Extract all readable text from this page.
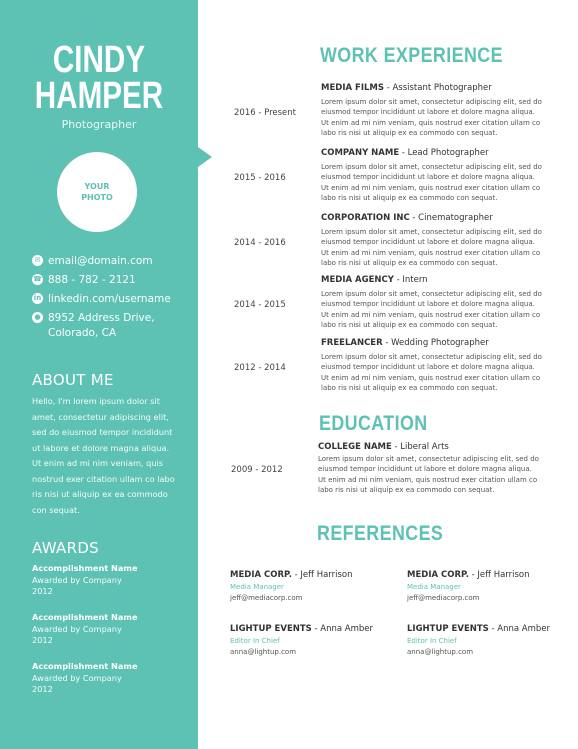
CINDY
HAMPER
Photographer
YOUR PHOTO
✉ email@domain.com
☎ 888 - 782 - 2121
in linkedin.com/username
● 8952 Address Drive,
Colorado, CA
ABOUT ME
Hello, I'm lorem ipsum dolor sit amet, consectetur adipiscing elit, sed do eiusmod tempor incididunt ut labore et dolore magna aliqua. Ut enim ad mi nim veniam, quis nostrud exer citation ullam co labo ris nisi ut aliquip ex ea commodo con sequat.
AWARDS
Accomplishment Name
Awarded by Company
2012
Accomplishment Name
Awarded by Company
2012
Accomplishment Name
Awarded by Company
2012
WORK EXPERIENCE
2016 - Present
MEDIA FILMS - Assistant Photographer
Lorem ipsum dolor sit amet, consectetur adipiscing elit, sed do eiusmod tempor incididunt ut labore et dolore magna aliqua. Ut enim ad mi nim veniam, quis nostrud exer citation ullam co labo ris nisi ut aliquip ex ea commodo con sequat.
2015 - 2016
COMPANY NAME - Lead Photographer
Lorem ipsum dolor sit amet, consectetur adipiscing elit, sed do eiusmod tempor incididunt ut labore et dolore magna aliqua. Ut enim ad mi nim veniam, quis nostrud exer citation ullam co labo ris nisi ut aliquip ex ea commodo con sequat.
2014 - 2016
CORPORATION INC - Cinematographer
Lorem ipsum dolor sit amet, consectetur adipiscing elit, sed do eiusmod tempor incididunt ut labore et dolore magna aliqua. Ut enim ad mi nim veniam, quis nostrud exer citation ullam co labo ris nisi ut aliquip ex ea commodo con sequat.
2014 - 2015
MEDIA AGENCY - Intern
Lorem ipsum dolor sit amet, consectetur adipiscing elit, sed do eiusmod tempor incididunt ut labore et dolore magna aliqua. Ut enim ad mi nim veniam, quis nostrud exer citation ullam co labo ris nisi ut aliquip ex ea commodo con sequat.
2012 - 2014
FREELANCER - Wedding Photographer
Lorem ipsum dolor sit amet, consectetur adipiscing elit, sed do eiusmod tempor incididunt ut labore et dolore magna aliqua. Ut enim ad mi nim veniam, quis nostrud exer citation ullam co labo ris nisi ut aliquip ex ea commodo con sequat.
EDUCATION
2009 - 2012
COLLEGE NAME - Liberal Arts
Lorem ipsum dolor sit amet, consectetur adipiscing elit, sed do eiusmod tempor incididunt ut labore et dolore magna aliqua. Ut enim ad mi nim veniam, quis nostrud exer citation ullam co labo ris nisi ut aliquip ex ea commodo con sequat.
REFERENCES
MEDIA CORP. - Jeff Harrison
Media Manager
jeff@mediacorp.com
MEDIA CORP. - Jeff Harrison
Media Manager
jeff@mediacorp.com
LIGHTUP EVENTS - Anna Amber
Editor In Chief
anna@lightup.com
LIGHTUP EVENTS - Anna Amber
Editor In Chief
anna@lightup.com
